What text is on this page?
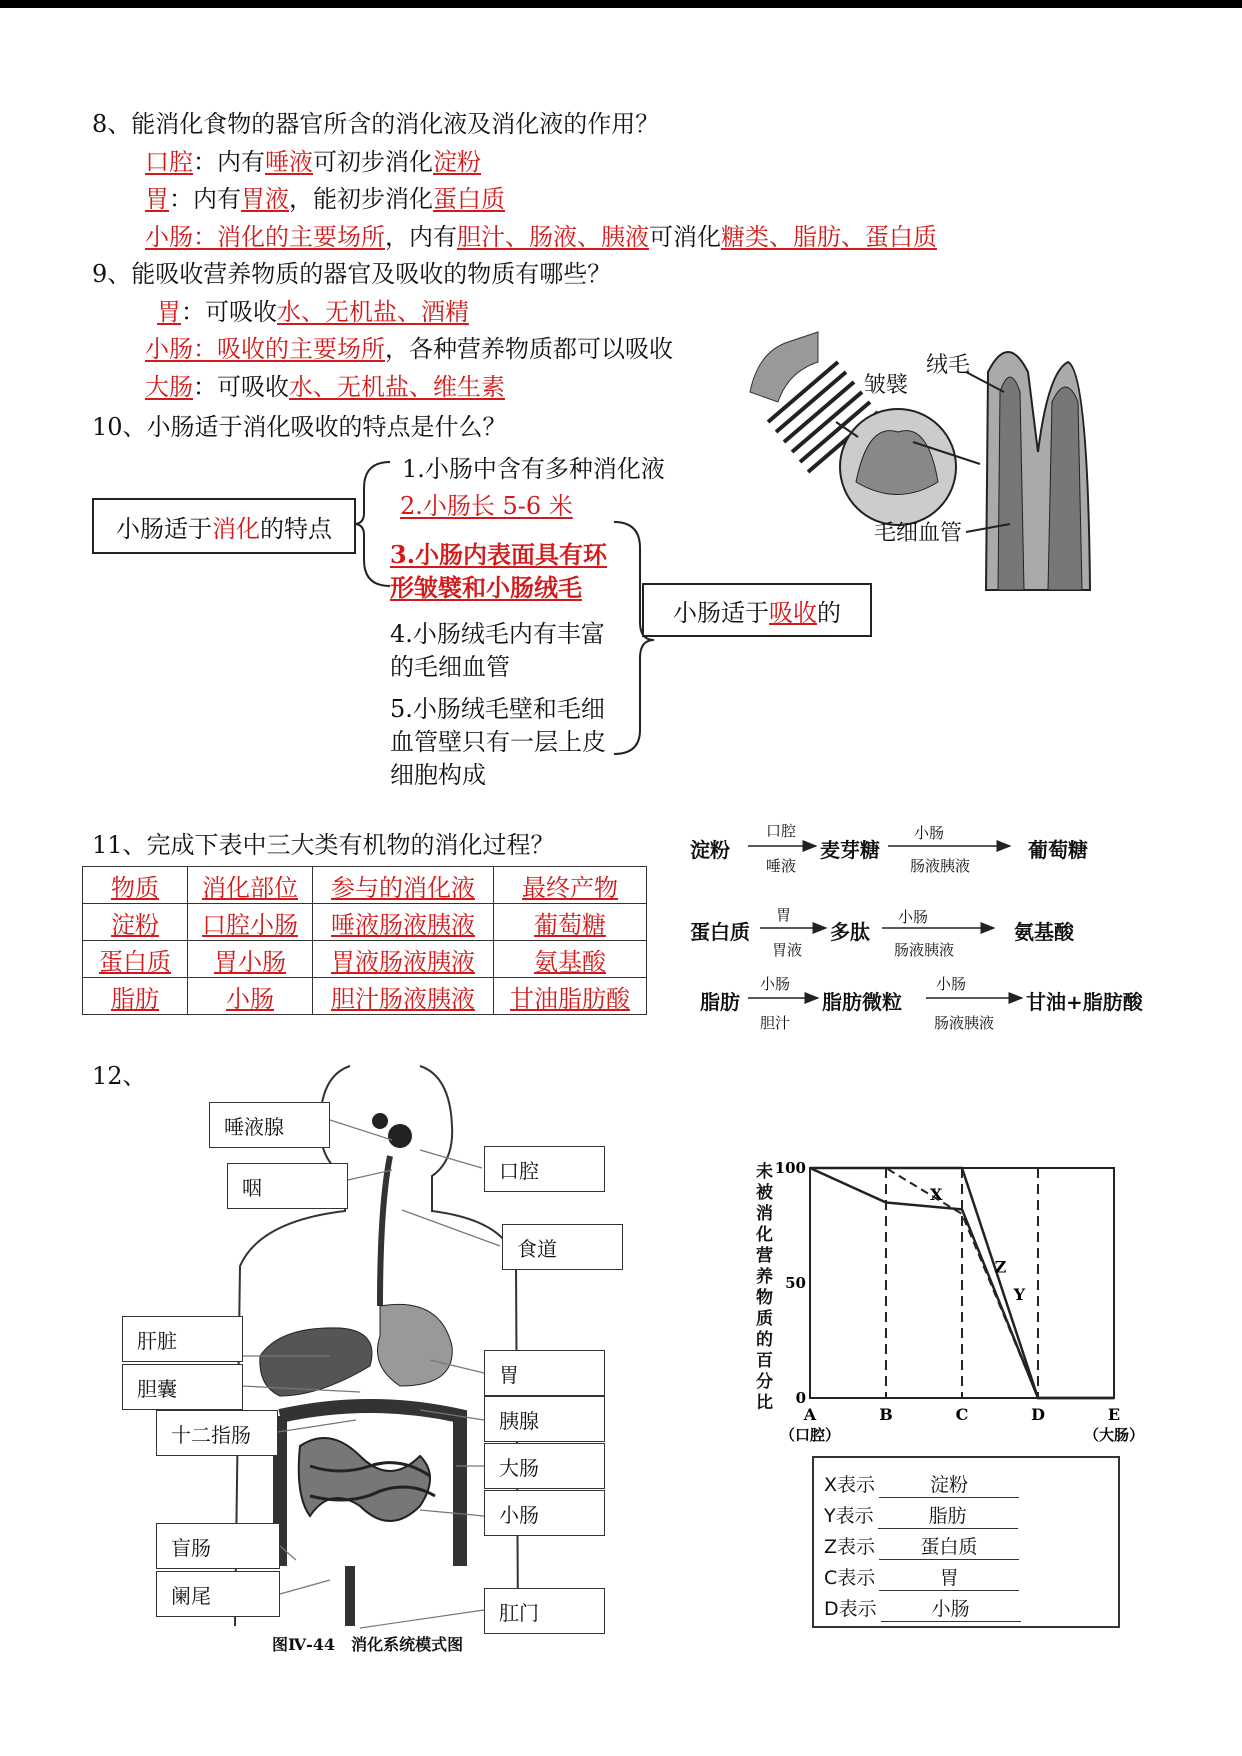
8、能消化食物的器官所含的消化液及消化液的作用？
口腔：内有唾液可初步消化淀粉
胃：内有胃液，能初步消化蛋白质
小肠：消化的主要场所，内有胆汁、肠液、胰液可消化糖类、脂肪、蛋白质
9、能吸收营养物质的器官及吸收的物质有哪些？
胃：可吸收水、无机盐、酒精
小肠：吸收的主要场所，各种营养物质都可以吸收
大肠：可吸收水、无机盐、维生素	皱襞
绒毛
毛细血管
10、小肠适于消化吸收的特点是什么？
小肠适于 消化 的特点
1.小肠中含有多种消化液
2.小肠长 5-6 米
3.小肠内表面具有环形皱襞和小肠绒毛
4.小肠绒毛内有丰富的毛细血管
5.小肠绒毛壁和毛细血管壁只有一层上皮细胞构成
小肠适于 吸收 的
11、完成下表中三大类有机物的消化过程？
物质	消化部位	参与的消化液	最终产物
淀粉	口腔小肠	唾液肠液胰液	葡萄糖
蛋白质	胃小肠	胃液肠液胰液	氨基酸
脂肪	小肠	胆汁肠液胰液	甘油脂肪酸
淀粉
口腔
唾液
麦芽糖
小肠
肠液胰液
葡萄糖
蛋白质
胃
胃液
多肽
小肠
肠液胰液
氨基酸
脂肪
小肠
胆汁
脂肪微粒
小肠
肠液胰液
甘油+脂肪酸
12、
唾液腺
咽
口腔
食道
肝脏
胆囊
十二指肠
胃
胰腺
大肠
小肠
盲肠
阑尾
肛门
图Ⅳ-44　消化系统模式图
未被消化营养物质的百分比
A	B	C	D	E
100
50
0
（口腔）	（大肠）
X
Y
Z
X表示	淀粉
Y表示	脂肪
Z表示 蛋白质
C表示	胃
D表示	小肠
